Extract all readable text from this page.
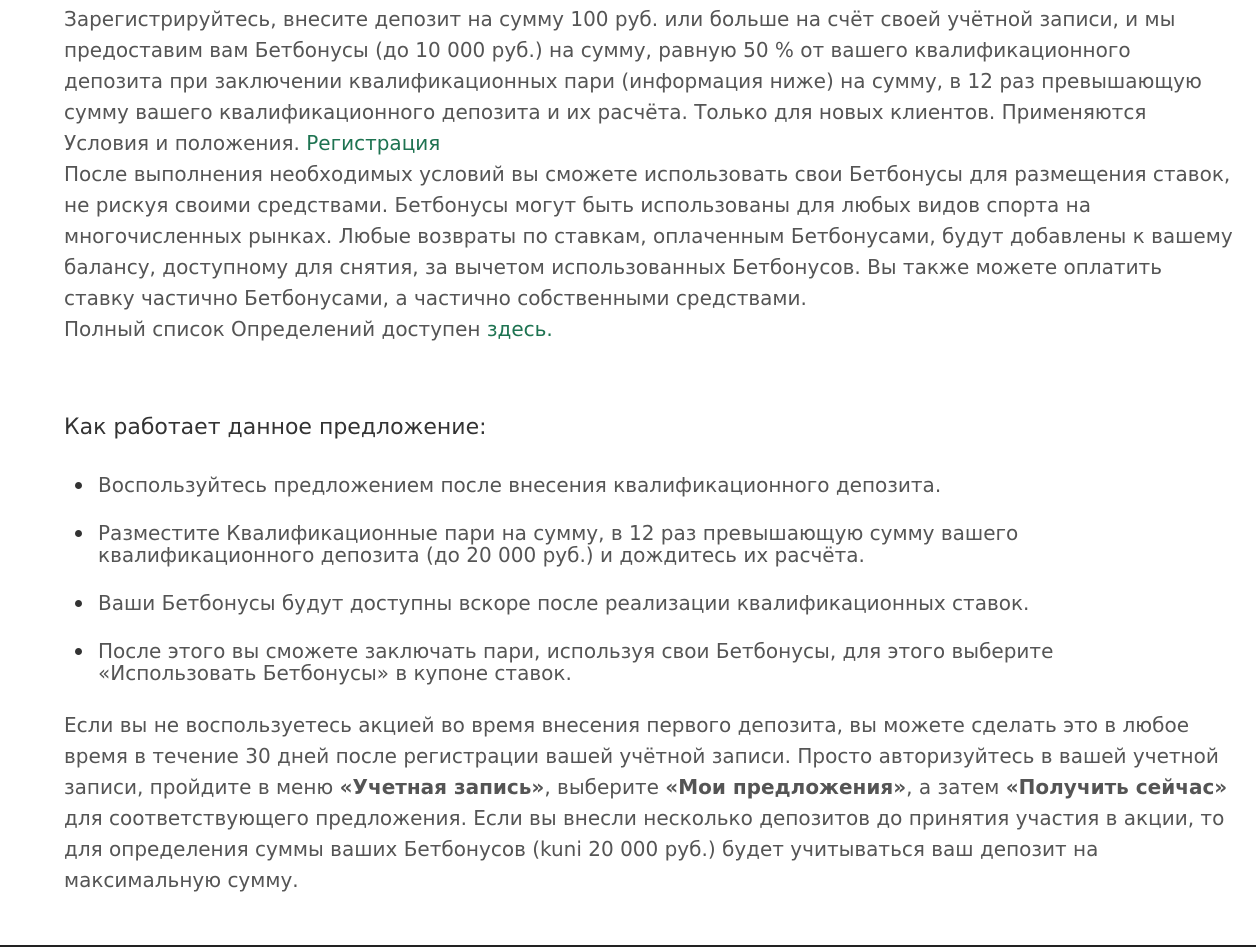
Зарегистрируйтесь, внесите депозит на сумму 100 руб. или больше на счёт своей учётной записи, и мы предоставим вам Бетбонусы (до 10 000 руб.) на сумму, равную 50 % от вашего квалификационного депозита при заключении квалификационных пари (информация ниже) на сумму, в 12 раз превышающую сумму вашего квалификационного депозита и их расчёта. Только для новых клиентов. Применяются Условия и положения. Регистрация

После выполнения необходимых условий вы сможете использовать свои Бетбонусы для размещения ставок, не рискуя своими средствами. Бетбонусы могут быть использованы для любых видов спорта на многочисленных рынках. Любые возвраты по ставкам, оплаченным Бетбонусами, будут добавлены к вашему балансу, доступному для снятия, за вычетом использованных Бетбонусов. Вы также можете оплатить ставку частично Бетбонусами, а частично собственными средствами.

Полный список Определений доступен здесь.

Как работает данное предложение:
Воспользуйтесь предложением после внесения квалификационного депозита.
Разместите Квалификационные пари на сумму, в 12 раз превышающую сумму вашего квалификационного депозита (до 20 000 руб.) и дождитесь их расчёта.
Ваши Бетбонусы будут доступны вскоре после реализации квалификационных ставок.
После этого вы сможете заключать пари, используя свои Бетбонусы, для этого выберите «Использовать Бетбонусы» в купоне ставок.

Если вы не воспользуетесь акцией во время внесения первого депозита, вы можете сделать это в любое время в течение 30 дней после регистрации вашей учётной записи. Просто авторизуйтесь в вашей учетной записи, пройдите в меню «Учетная запись», выберите «Мои предложения», а затем «Получить сейчас» для соответствующего предложения. Если вы внесли несколько депозитов до принятия участия в акции, то для определения суммы ваших Бетбонусов (kuni 20 000 руб.) будет учитываться ваш депозит на максимальную сумму.
